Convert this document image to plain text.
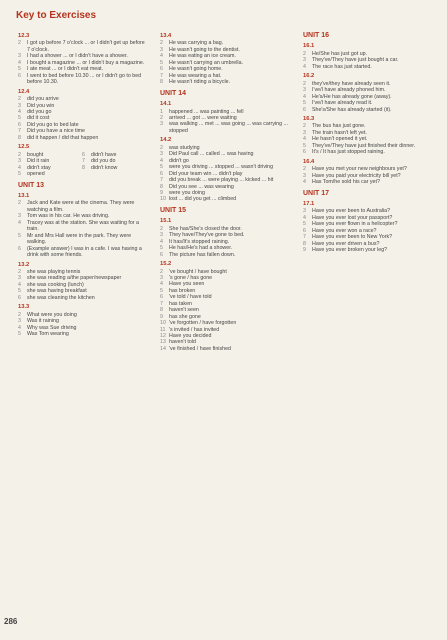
Key to Exercises
12.3
2	I got up before 7 o'clock ... or I didn't get up before 7 o'clock.
3	I had a shower ... or I didn't have a shower.
4	I bought a magazine ... or I didn't buy a magazine.
5	I ate meat ... or I didn't eat meat.
6	I went to bed before 10.30 ... or I didn't go to bed before 10.30.
12.4
2	did you arrive
3	Did you win
4	did you go
5	did it cost
6	Did you go to bed late
7	Did you have a nice time
8	did it happen / did that happen
12.5
2	bought	6	didn't have
3	Did it rain	7	did you do
4	didn't stay	8	didn't know
5	opened
UNIT 13
13.1
2	Jack and Kate were at the cinema. They were watching a film.
3	Tom was in his car. He was driving.
4	Tracey was at the station. She was waiting for a train.
5	Mr and Mrs Hall were in the park. They were walking.
6	(Example answer) I was in a cafe. I was having a drink with some friends.
13.2
2	she was playing tennis
3	she was reading a/the paper/newspaper
4	she was cooking (lunch)
5	she was having breakfast
6	she was cleaning the kitchen
13.3
2	What were you doing
3	Was it raining
4	Why was Sue driving
5	Was Tom wearing
13.4
2	He was carrying a bag.
3	He wasn't going to the dentist.
4	He was eating an ice cream.
5	He wasn't carrying an umbrella.
6	He wasn't going home.
7	He was wearing a hat.
8	He wasn't riding a bicycle.
UNIT 14
14.1
1	happened ... was painting ... fell
2	arrived ... got ... were waiting
3	was walking ... met ... was going ... was carrying ... stopped
14.2
2	was studying
3	Did Paul call ... called ... was having
4	didn't go
5	were you driving ... stopped ... wasn't driving
6	Did your team win ... didn't play
7	did you break ... were playing ... kicked ... hit
8	Did you see ... was wearing
9	were you doing
10 lost ... did you get ... climbed
UNIT 15
15.1
2	She has/She's closed the door.
3	They have/They've gone to bed.
4	It has/It's stopped raining.
5	He has/He's had a shower.
6	The picture has fallen down.
15.2
2	've bought / have bought
3	's gone / has gone
4	Have you seen
5	has broken
6	've told / have told
7	has taken
8	haven't seen
9	has she gone
10 've forgotten / have forgotten
11 's invited / has invited
12 Have you decided
13 haven't told
14 've finished / have finished
UNIT 16
16.1
2	He/She has just got up.
3	They've/They have just bought a car.
4	The race has just started.
16.2
2	they've/they have already seen it.
3	I've/I have already phoned him.
4	He's/He has already gone (away).
5	I've/I have already read it.
6	She's/She has already started (it).
16.3
2	The bus has just gone.
3	The train hasn't left yet.
4	He hasn't opened it yet.
5	They've/They have just finished their dinner.
6	It's / It has just stopped raining.
16.4
2	Have you met your new neighbours yet?
3	Have you paid your electricity bill yet?
4	Has Tom/he sold his car yet?
UNIT 17
17.1
3	Have you ever been to Australia?
4	Have you ever lost your passport?
5	Have you ever flown in a helicopter?
6	Have you ever won a race?
7	Have you ever been to New York?
8	Have you ever driven a bus?
9	Have you ever broken your leg?
286
